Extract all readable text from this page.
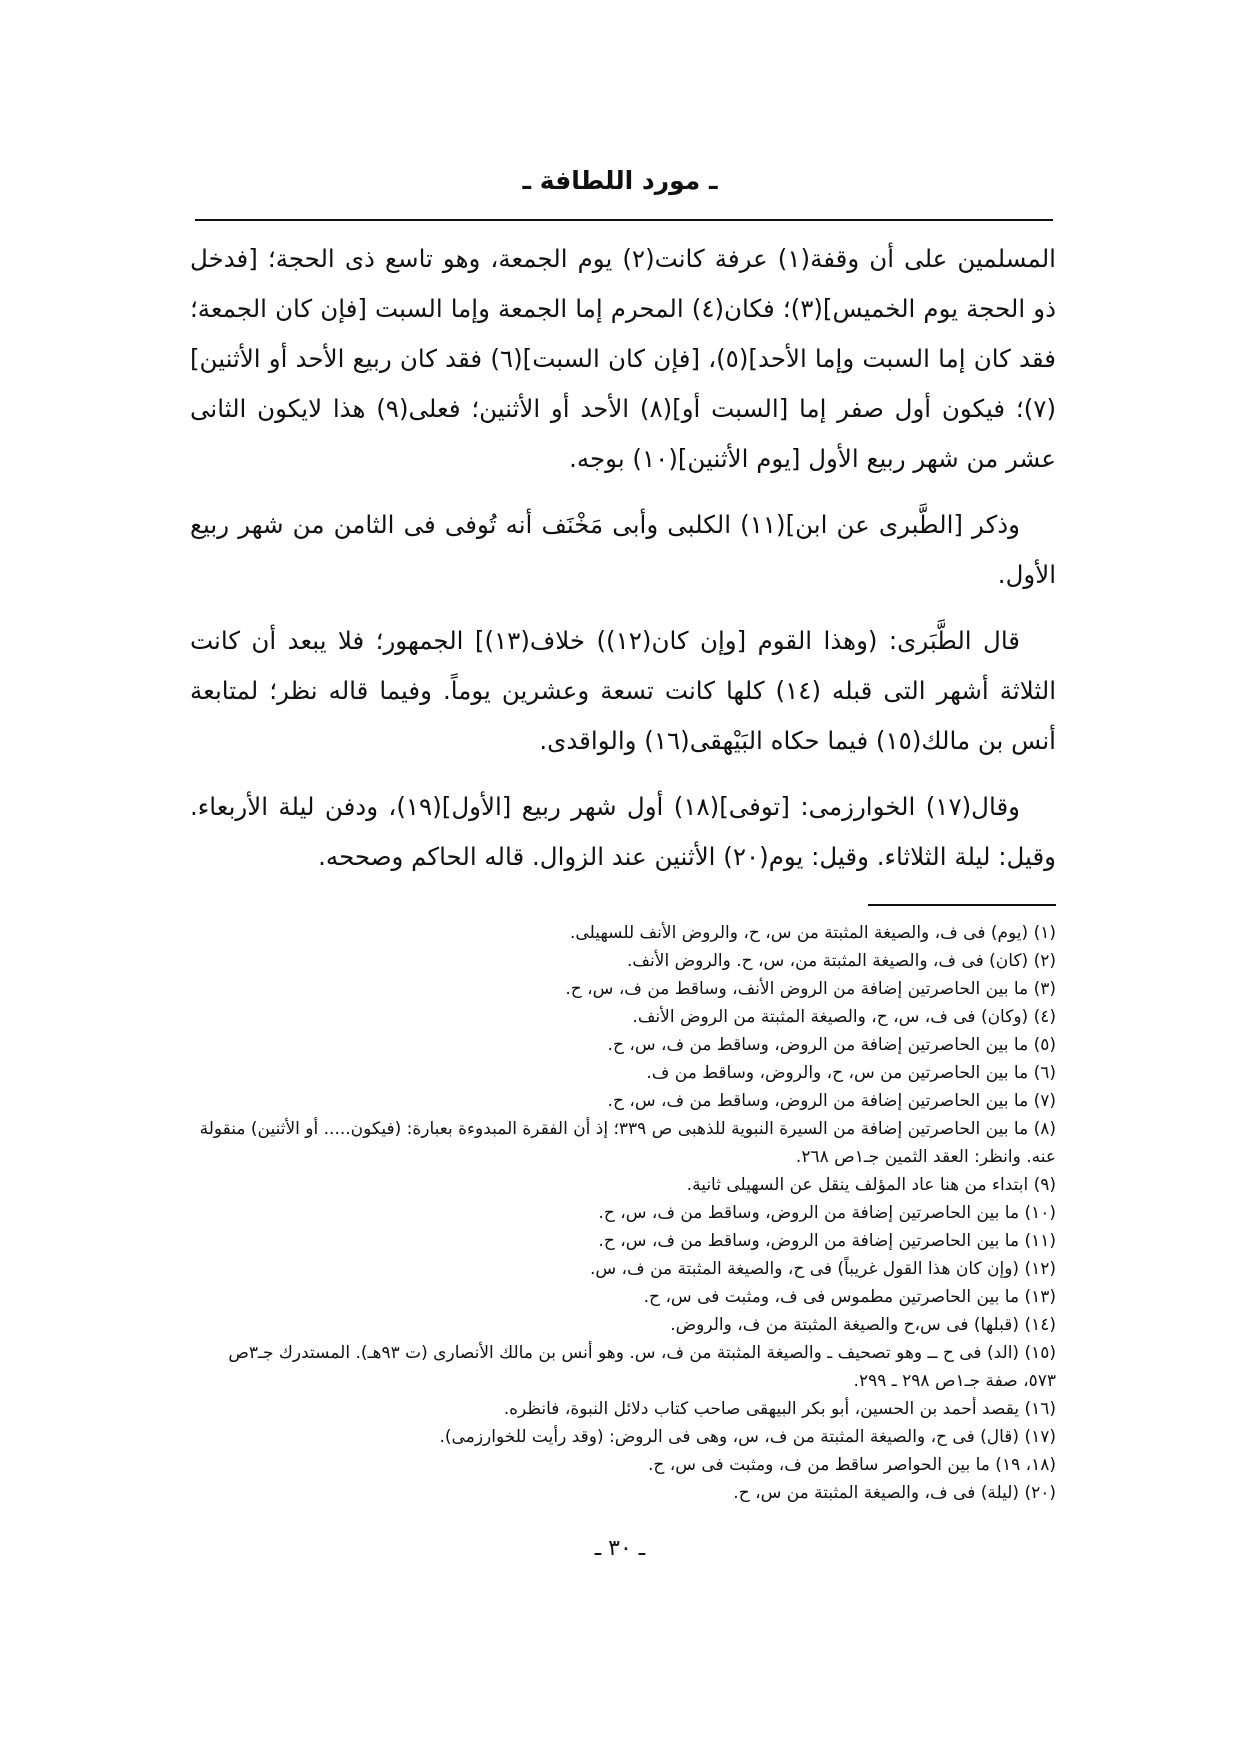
ـ مورد اللطافة ـ

المسلمين على أن وقفة(١) عرفة كانت(٢) يوم الجمعة، وهو تاسع ذى الحجة؛ [فدخل ذو الحجة يوم الخميس](٣)؛ فكان(٤) المحرم إما الجمعة وإما السبت [فإن كان الجمعة؛ فقد كان إما السبت وإما الأحد](٥)، [فإن كان السبت](٦) فقد كان ربيع الأحد أو الأثنين](٧)؛ فيكون أول صفر إما [السبت أو](٨) الأحد أو الأثنين؛ فعلى(٩) هذا لايكون الثانى عشر من شهر ربيع الأول [يوم الأثنين](١٠) بوجه.

وذكر [الطَّبرى عن ابن](١١) الكلبى وأبى مَخْنَف أنه تُوفى فى الثامن من شهر ربيع الأول.

قال الطَّبَرى: (وهذا القوم [وإن كان(١٢)) خلاف(١٣)] الجمهور؛ فلا يبعد أن كانت الثلاثة أشهر التى قبله (١٤) كلها كانت تسعة وعشرين يوماً. وفيما قاله نظر؛ لمتابعة أنس بن مالك(١٥) فيما حكاه البَيْهقى(١٦) والواقدى.

وقال(١٧) الخوارزمى: [توفى](١٨) أول شهر ربيع [الأول](١٩)، ودفن ليلة الأربعاء. وقيل: ليلة الثلاثاء. وقيل: يوم(٢٠) الأثنين عند الزوال. قاله الحاكم وصححه.

(١) (يوم) فى ف، والصيغة المثبتة من س، ح، والروض الأنف للسهيلى.
(٢) (كان) فى ف، والصيغة المثبتة من، س، ح. والروض الأنف.
(٣) ما بين الحاصرتين إضافة من الروض الأنف، وساقط من ف، س، ح.
(٤) (وكان) فى ف، س، ح، والصيغة المثبتة من الروض الأنف.
(٥) ما بين الحاصرتين إضافة من الروض، وساقط من ف، س، ح.
(٦) ما بين الحاصرتين من س، ح، والروض، وساقط من ف.
(٧) ما بين الحاصرتين إضافة من الروض، وساقط من ف، س، ح.
(٨) ما بين الحاصرتين إضافة من السيرة النبوية للذهبى ص ٣٣٩؛ إذ أن الفقرة المبدوءة بعبارة: (فيكون..... أو الأثنين) منقولة عنه. وانظر: العقد الثمين جـ١ص ٢٦٨.
(٩) ابتداء من هنا عاد المؤلف ينقل عن السهيلى ثانية.
(١٠) ما بين الحاصرتين إضافة من الروض، وساقط من ف، س، ح.
(١١) ما بين الحاصرتين إضافة من الروض، وساقط من ف، س، ح.
(١٢) (وإن كان هذا القول غريباً) فى ح، والصيغة المثبتة من ف، س.
(١٣) ما بين الحاصرتين مطموس فى ف، ومثبت فى س، ح.
(١٤) (قبلها) فى س،ح والصيغة المثبتة من ف، والروض.
(١٥) (الد) فى ح ــ وهو تصحيف ـ والصيغة المثبتة من ف، س. وهو أنس بن مالك الأنصارى (ت ٩٣هـ). المستدرك جـ٣ص ٥٧٣، صفة جـ١ص ٢٩٨ ـ ٢٩٩.
(١٦) يقصد أحمد بن الحسين، أبو بكر البيهقى صاحب كتاب دلائل النبوة، فانظره.
(١٧) (قال) فى ح، والصيغة المثبتة من ف، س، وهى فى الروض: (وقد رأيت للخوارزمى).
(١٨، ١٩) ما بين الحواصر ساقط من ف، ومثبت فى س، ح.
(٢٠) (ليلة) فى ف، والصيغة المثبتة من س، ح.
ـ ٣٠ ـ
